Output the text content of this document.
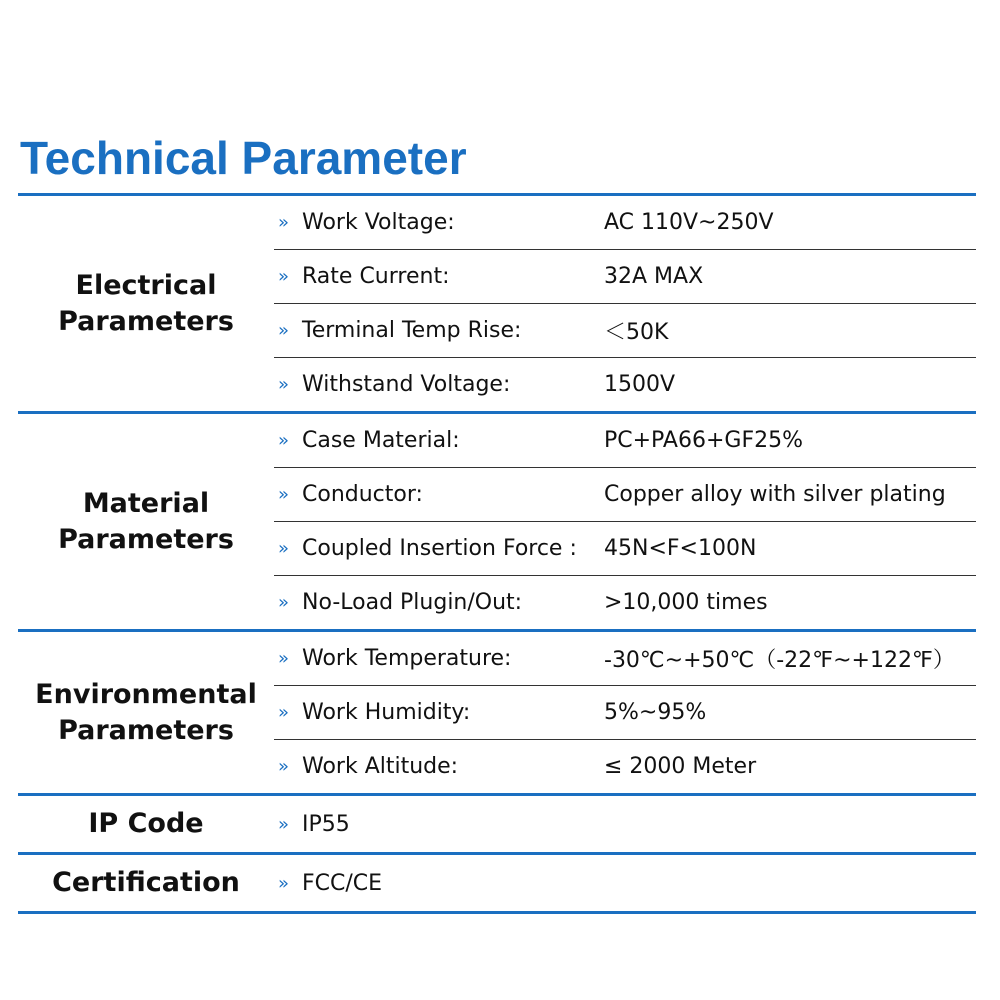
Technical Parameter
Electrical
Parameters
» Work Voltage:	AC 110V~250V
» Rate Current:	32A MAX
» Terminal Temp Rise:	＜50K
» Withstand Voltage:	1500V
Material
Parameters
» Case Material:	PC+PA66+GF25%
» Conductor:	Copper alloy with silver plating
» Coupled Insertion Force :	45N<F<100N
» No-Load Plugin/Out:	>10,000 times
Environmental
Parameters
» Work Temperature:	-30℃~+50℃（-22℉~+122℉）
» Work Humidity:	5%~95%
» Work Altitude:	≤ 2000 Meter
IP Code	» IP55
Certification » FCC/CE
